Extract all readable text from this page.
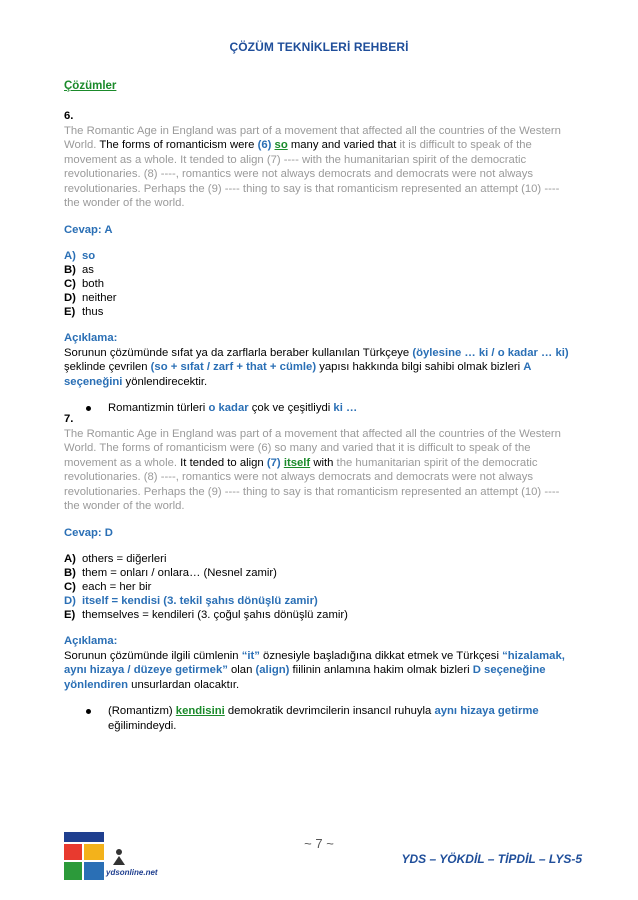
ÇÖZÜM TEKNİKLERİ REHBERİ
Çözümler
6.
The Romantic Age in England was part of a movement that affected all the countries of the Western World. The forms of romanticism were (6) so many and varied that it is difficult to speak of the movement as a whole. It tended to align (7) ---- with the humanitarian spirit of the democratic revolutionaries. (8) ----, romantics were not always democrats and democrats were not always revolutionaries. Perhaps the (9) ---- thing to say is that romanticism represented an attempt (10) ---- the wonder of the world.
Cevap: A
A) so
B) as
C) both
D) neither
E) thus
Açıklama:
Sorunun çözümünde sıfat ya da zarflarla beraber kullanılan Türkçeye (öylesine … ki / o kadar … ki) şeklinde çevrilen (so + sıfat / zarf + that + cümle) yapısı hakkında bilgi sahibi olmak bizleri A seçeneğini yönlendirecektir.
Romantizmin türleri o kadar çok ve çeşitliydi ki …
7.
The Romantic Age in England was part of a movement that affected all the countries of the Western World. The forms of romanticism were (6) so many and varied that it is difficult to speak of the movement as a whole. It tended to align (7) itself with the humanitarian spirit of the democratic revolutionaries. (8) ----, romantics were not always democrats and democrats were not always revolutionaries. Perhaps the (9) ---- thing to say is that romanticism represented an attempt (10) ---- the wonder of the world.
Cevap: D
A) others = diğerleri
B) them = onları / onlara… (Nesnel zamir)
C) each = her bir
D) itself = kendisi (3. tekil şahıs dönüşlü zamir)
E) themselves = kendileri (3. çoğul şahıs dönüşlü zamir)
Açıklama:
Sorunun çözümünde ilgili cümlenin “it” öznesiyle başladığına dikkat etmek ve Türkçesi “hizalamak, aynı hizaya / düzeye getirmek” olan (align) fiilinin anlamına hakim olmak bizleri D seçeneğine yönlendiren unsurlardan olacaktır.
(Romantizm) kendisini demokratik devrimcilerin insancıl ruhuyla aynı hizaya getirme eğilimindeydi.
ydsonline.net
~ 7 ~
YDS – YÖKDİL – TİPDİL – LYS-5
